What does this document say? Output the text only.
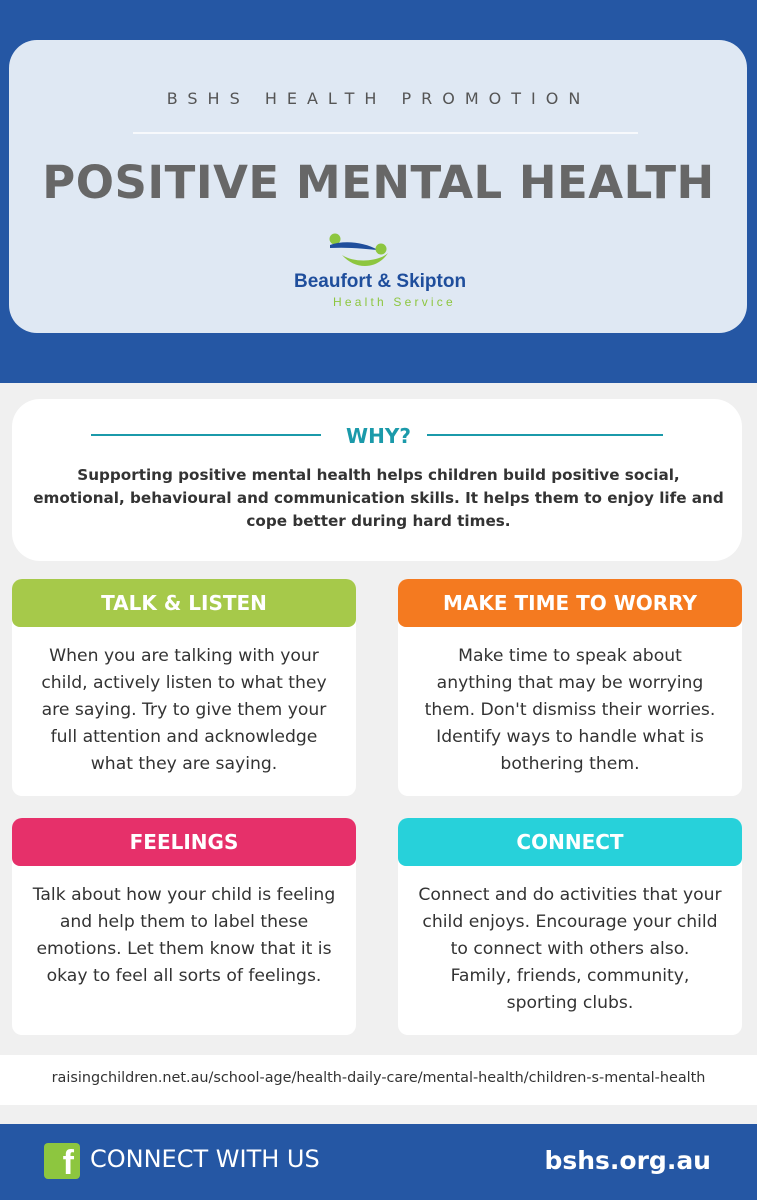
BSHS HEALTH PROMOTION
POSITIVE MENTAL HEALTH
Beaufort & Skipton
Health Service
WHY?
Supporting positive mental health helps children build positive social, emotional, behavioural and communication skills. It helps them to enjoy life and cope better during hard times.
TALK & LISTEN
When you are talking with your child, actively listen to what they are saying. Try to give them your full attention and acknowledge what they are saying.
MAKE TIME TO WORRY
Make time to speak about anything that may be worrying them. Don't dismiss their worries. Identify ways to handle what is bothering them.
FEELINGS
Talk about how your child is feeling and help them to label these emotions. Let them know that it is okay to feel all sorts of feelings.
CONNECT
Connect and do activities that your child enjoys. Encourage your child to connect with others also. Family, friends, community, sporting clubs.
raisingchildren.net.au/school-age/health-daily-care/mental-health/children-s-mental-health
f CONNECT WITH US	bshs.org.au
